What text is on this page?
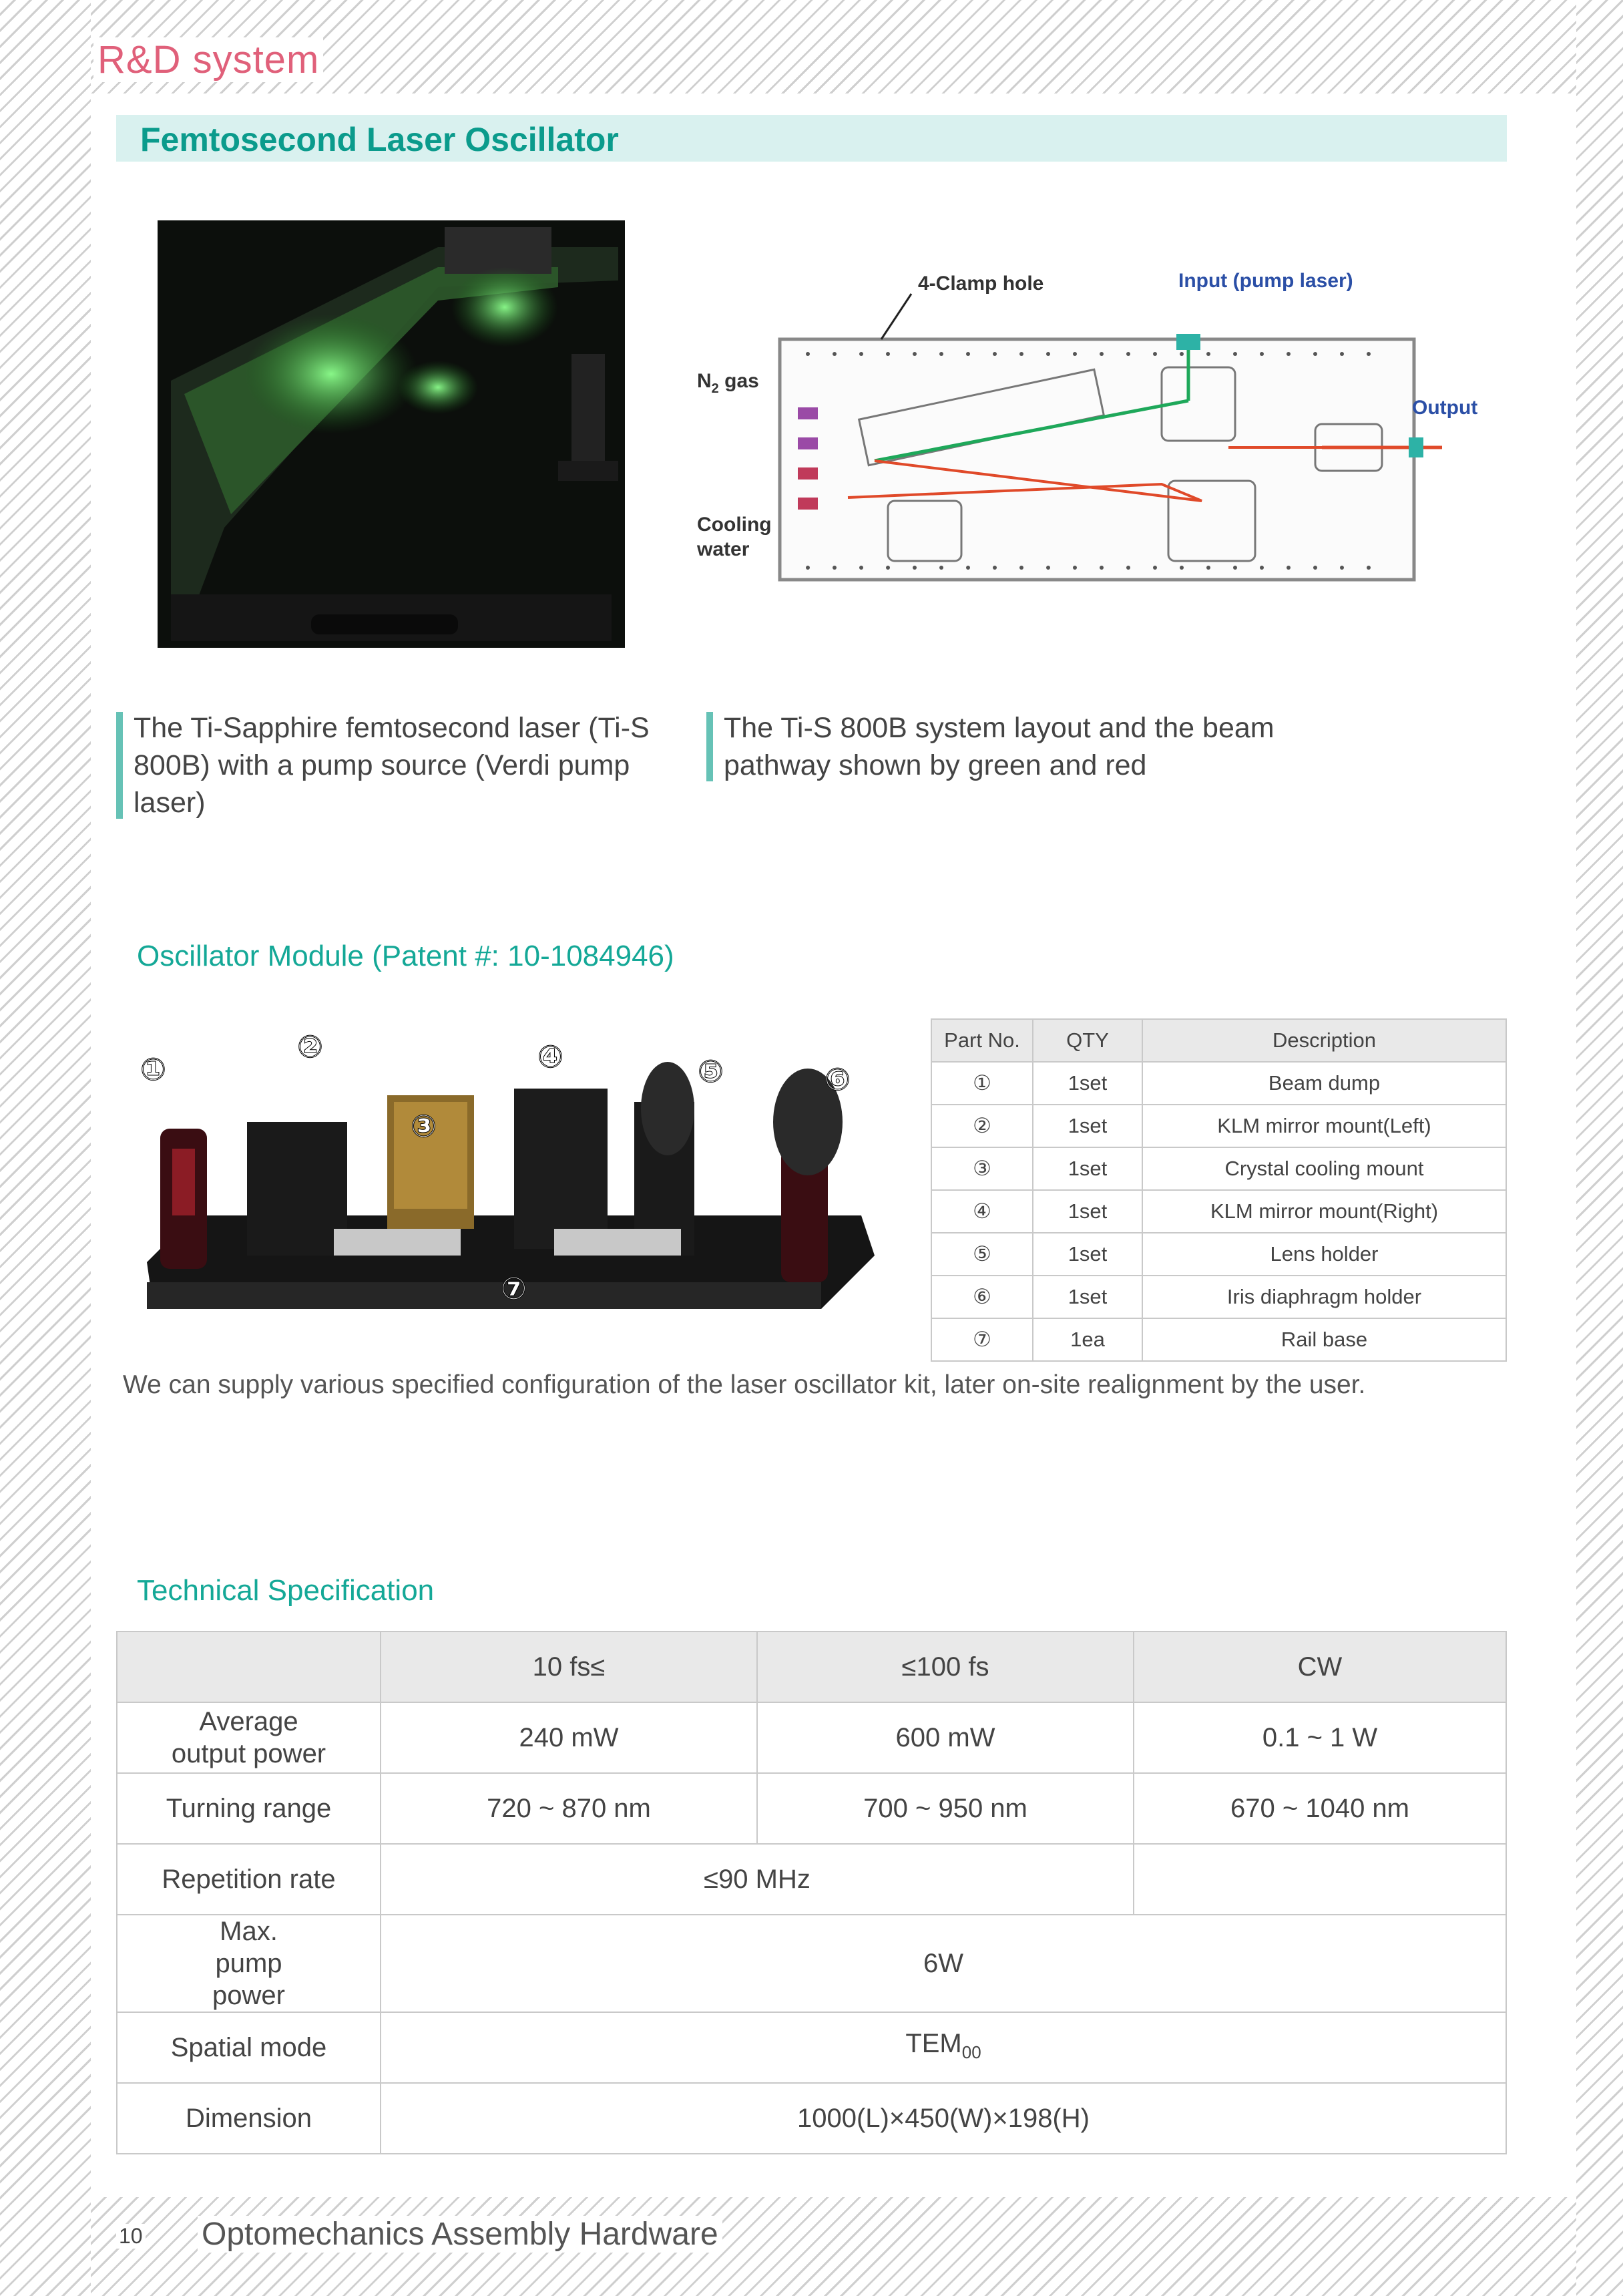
R&D system
Femtosecond Laser Oscillator
4-Clamp hole	Input (pump laser)
Output
$N_2$ gas
Cooling
water
The Ti-Sapphire femtosecond laser (Ti-S 800B) with a pump source (Verdi pump laser)
The Ti-S 800B system layout and the beam pathway shown by green and red
Oscillator Module (Patent #: 10-1084946)
①
②
③
④	⑤	⑥
⑦
Part No.	QTY	Description
①	1set	Beam dump
②	1set	KLM mirror mount(Left)
③	1set	Crystal cooling mount
④	1set	KLM mirror mount(Right)
⑤	1set	Lens holder
⑥	1set	Iris diaphragm holder
⑦	1ea	Rail base
We can supply various specified configuration of the laser oscillator kit, later on-site realignment by the user.
Technical Specification
	10 fs≤	≤100 fs	CW
Average output power	240 mW	600 mW	0.1 ~ 1 W
Turning range	720 ~ 870 nm	700 ~ 950 nm	670 ~ 1040 nm
Repetition rate	≤90 MHz		
Max. pump power	6W		
Spatial mode	$TEM_{00}$
Dimension	1000(L)×450(W)×198(H)		
10 Optomechanics Assembly Hardware
